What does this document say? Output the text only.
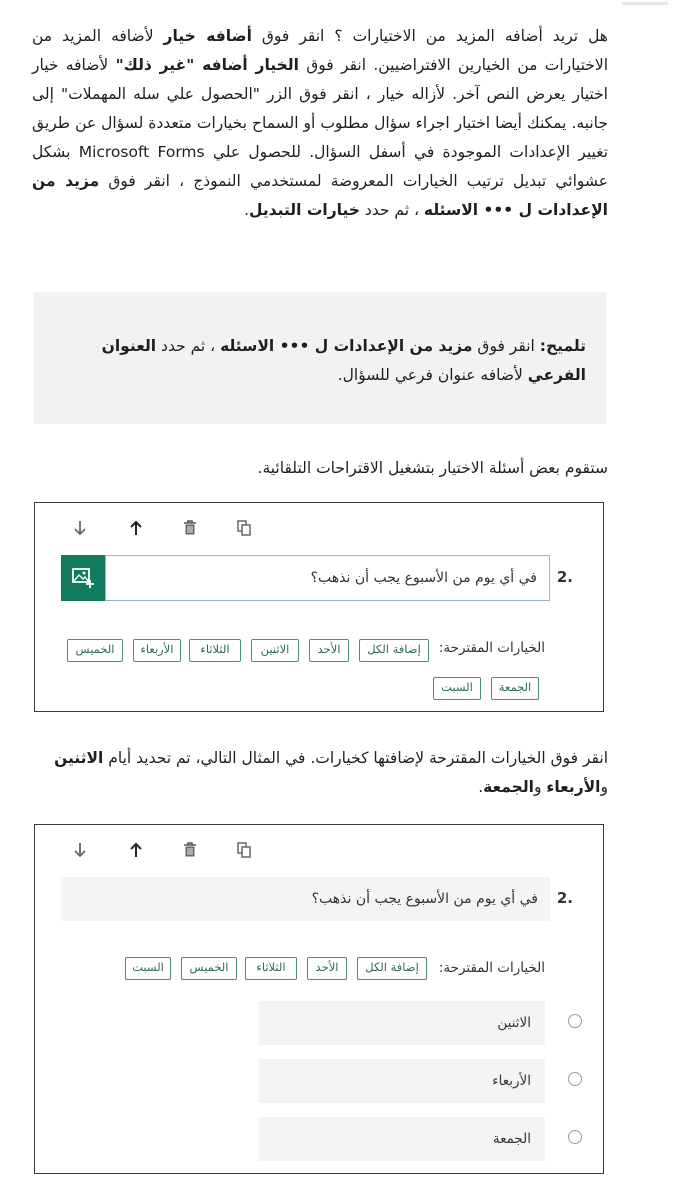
هل تريد أضافه المزيد من الاختيارات ؟ انقر فوق أضافه خيار لأضافه المزيد من الاختيارات من الخيارين الافتراضيين. انقر فوق الخيار أضافه "غير ذلك" لأضافه خيار اختيار يعرض النص آخر. لأزاله خيار ، انقر فوق الزر "الحصول علي سله المهملات" إلى جانبه. يمكنك أيضا اختيار اجراء سؤال مطلوب أو السماح بخيارات متعددة لسؤال عن طريق تغيير الإعدادات الموجودة في أسفل السؤال. للحصول علي Microsoft Forms بشكل عشوائي تبديل ترتيب الخيارات المعروضة لمستخدمي النموذج ، انقر فوق مزيد من الإعدادات ل ••• الاسئله ، ثم حدد خيارات التبديل.

تلميح: انقر فوق مزيد من الإعدادات ل ••• الاسئله ، ثم حدد العنوان الفرعي لأضافه عنوان فرعي للسؤال.

ستقوم بعض أسئلة الاختيار بتشغيل الاقتراحات التلقائية.

في أي يوم من الأسبوع يجب أن نذهب؟	2.
الخيارات المقترحة:
إضافة الكل
الأحد
الاثنين
الثلاثاء
الأربعاء
الخميس
الجمعة
السبت

انقر فوق الخيارات المقترحة لإضافتها كخيارات. في المثال التالي، تم تحديد أيام الاثنين والأربعاء والجمعة.

في أي يوم من الأسبوع يجب أن نذهب؟	2.
الخيارات المقترحة:
إضافة الكل
الأحد
الثلاثاء
الخميس
السبت
الاثنين
الأربعاء
الجمعة
